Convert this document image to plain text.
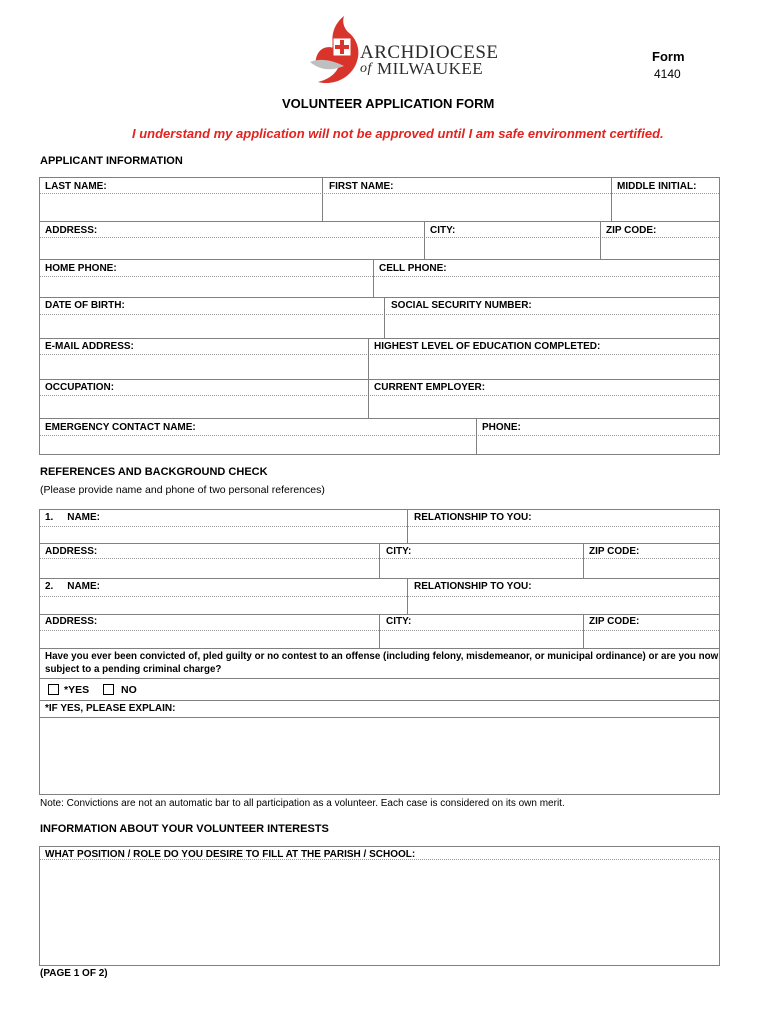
ARCHDIOCESE
of MILWAUKEE
Form
4140
VOLUNTEER APPLICATION FORM
I understand my application will not be approved until I am safe environment certified.
APPLICANT INFORMATION
LAST NAME:	FIRST NAME:	MIDDLE INITIAL:
ADDRESS:	CITY:	ZIP CODE:
HOME PHONE:	CELL PHONE:
DATE OF BIRTH:	SOCIAL SECURITY NUMBER:
E-MAIL ADDRESS:	HIGHEST LEVEL OF EDUCATION COMPLETED:
OCCUPATION:	CURRENT EMPLOYER:
EMERGENCY CONTACT NAME:	PHONE:
REFERENCES AND BACKGROUND CHECK
(Please provide name and phone of two personal references)
1.     NAME:	RELATIONSHIP TO YOU:
ADDRESS:	CITY:	ZIP CODE:
2.     NAME:	RELATIONSHIP TO YOU:
ADDRESS:	CITY:	ZIP CODE:
Have you ever been convicted of, pled guilty or no contest to an offense (including felony, misdemeanor, or municipal ordinance) or are you now
subject to a pending criminal charge?
*YES	NO
*IF YES, PLEASE EXPLAIN:
Note: Convictions are not an automatic bar to all participation as a volunteer. Each case is considered on its own merit.
INFORMATION ABOUT YOUR VOLUNTEER INTERESTS
WHAT POSITION / ROLE DO YOU DESIRE TO FILL AT THE PARISH / SCHOOL:
(PAGE 1 OF 2)
